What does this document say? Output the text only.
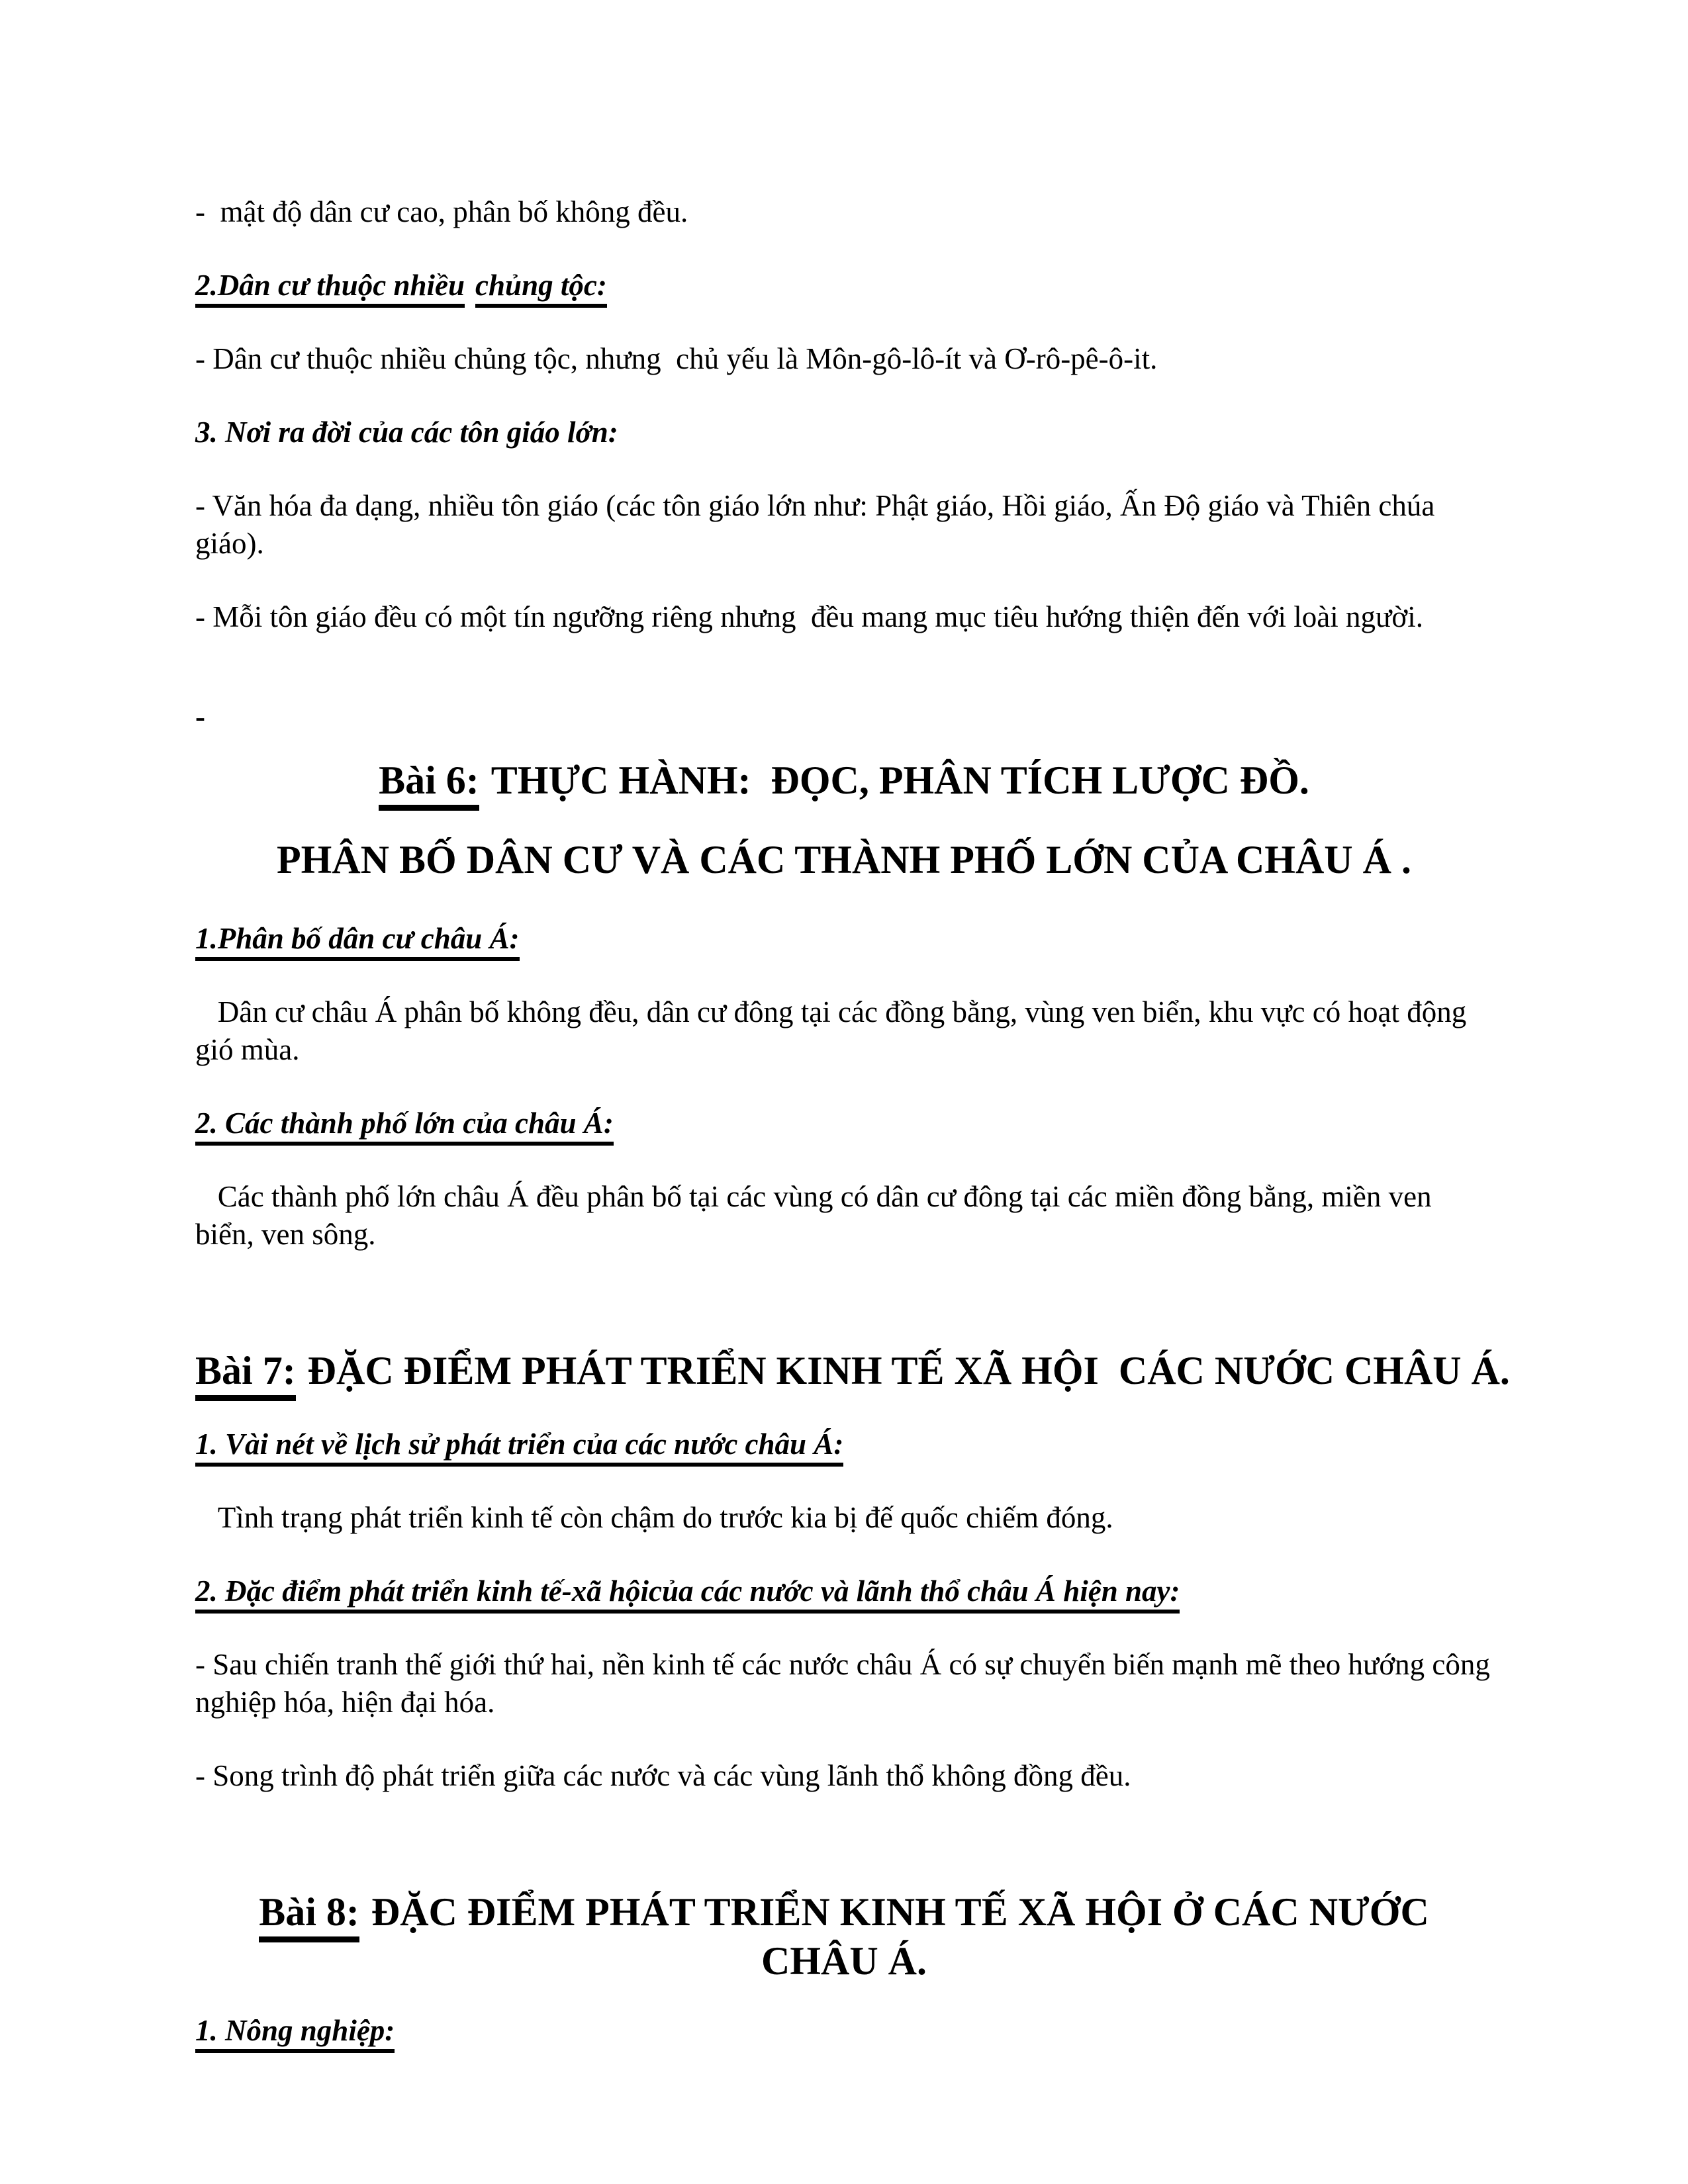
-  mật độ dân cư cao, phân bố không đều.

2.Dân cư thuộc nhiều chủng tộc:

- Dân cư thuộc nhiều chủng tộc, nhưng  chủ yếu là Môn-gô-lô-ít và Ơ-rô-pê-ô-it.

3. Nơi ra đời của các tôn giáo lớn:

- Văn hóa đa dạng, nhiều tôn giáo (các tôn giáo lớn như: Phật giáo, Hồi giáo, Ấn Độ giáo và Thiên chúa giáo).

- Mỗi tôn giáo đều có một tín ngưỡng riêng nhưng  đều mang mục tiêu hướng thiện đến với loài người.

-

Bài 6: THỰC HÀNH:  ĐỌC, PHÂN TÍCH LƯỢC ĐỒ.

PHÂN BỐ DÂN CƯ VÀ CÁC THÀNH PHỐ LỚN CỦA CHÂU Á .

1.Phân bố dân cư châu Á:

Dân cư châu Á phân bố không đều, dân cư đông tại các đồng bằng, vùng ven biển, khu vực có hoạt động gió mùa.

2. Các thành phố lớn của châu Á:

Các thành phố lớn châu Á đều phân bố tại các vùng có dân cư đông tại các miền đồng bằng, miền ven biển, ven sông.

Bài 7: ĐẶC ĐIỂM PHÁT TRIỂN KINH TẾ XÃ HỘI  CÁC NƯỚC CHÂU Á.

1. Vài nét về lịch sử phát triển của các nước châu Á:

Tình trạng phát triển kinh tế còn chậm do trước kia bị đế quốc chiếm đóng.

2. Đặc điểm phát triển kinh tế-xã hộicủa các nước và lãnh thổ châu Á hiện nay:

- Sau chiến tranh thế giới thứ hai, nền kinh tế các nước châu Á có sự chuyển biến mạnh mẽ theo hướng công nghiệp hóa, hiện đại hóa.

- Song trình độ phát triển giữa các nước và các vùng lãnh thổ không đồng đều.

Bài 8: ĐẶC ĐIỂM PHÁT TRIỂN KINH TẾ XÃ HỘI Ở CÁC NƯỚC CHÂU Á.

1. Nông nghiệp:
